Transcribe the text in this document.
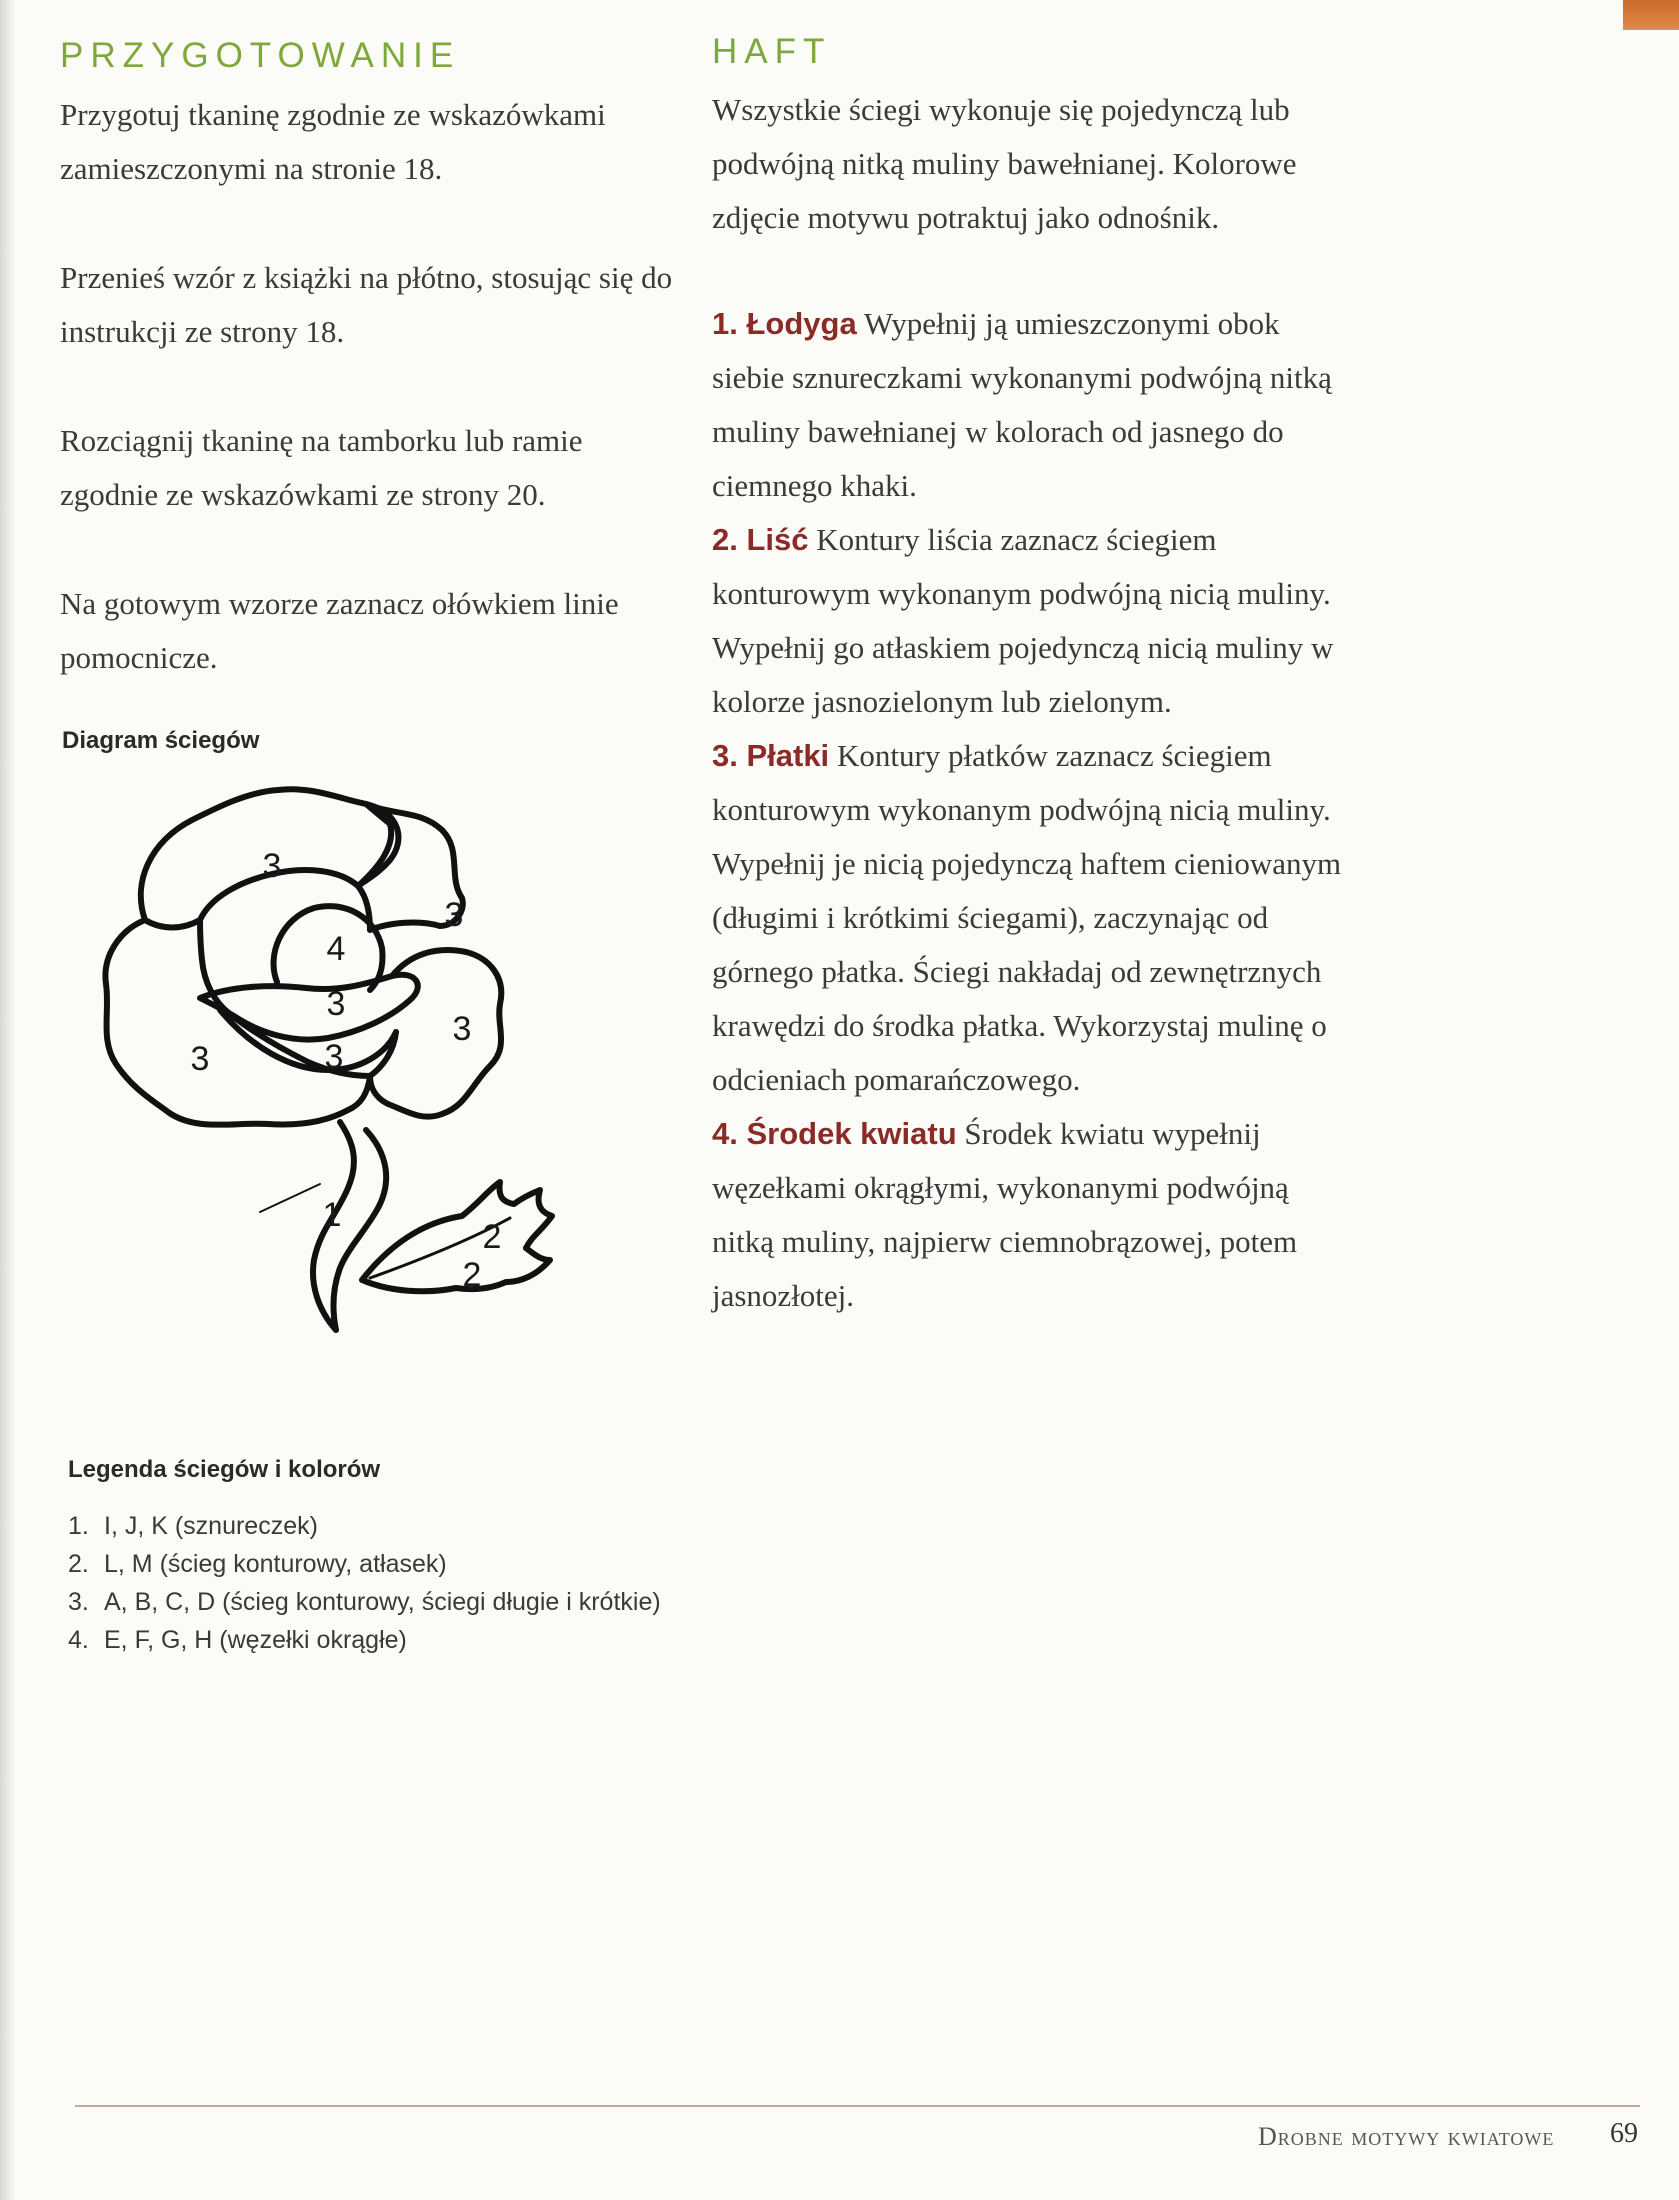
PRZYGOTOWANIE

Przygotuj tkaninę zgodnie ze wskazówkami zamieszczonymi na stronie 18.

Przenieś wzór z książki na płótno, stosując się do instrukcji ze strony 18.

Rozciągnij tkaninę na tamborku lub ramie zgodnie ze wskazówkami ze strony 20.

Na gotowym wzorze zaznacz ołówkiem linie pomocnicze.

Diagram ściegów
3
3
4
3
3
3	3
1
2
2
Legenda ściegów i kolorów
1. I, J, K (sznureczek)
2. L, M (ścieg konturowy, atłasek)
3. A, B, C, D (ścieg konturowy, ściegi długie i krótkie)
4. E, F, G, H (węzełki okrągłe)
HAFT

Wszystkie ściegi wykonuje się pojedynczą lub podwójną nitką muliny bawełnianej. Kolorowe zdjęcie motywu potraktuj jako odnośnik.

1. Łodyga Wypełnij ją umieszczonymi obok siebie sznureczkami wykonanymi podwójną nitką muliny bawełnianej w kolorach od jasnego do ciemnego khaki.

2. Liść Kontury liścia zaznacz ściegiem konturowym wykonanym podwójną nicią muliny. Wypełnij go atłaskiem pojedynczą nicią muliny w kolorze jasnozielonym lub zielonym.

3. Płatki Kontury płatków zaznacz ściegiem konturowym wykonanym podwójną nicią muliny. Wypełnij je nicią pojedynczą haftem cieniowanym (długimi i krótkimi ściegami), zaczynając od górnego płatka. Ściegi nakładaj od zewnętrznych krawędzi do środka płatka. Wykorzystaj mulinę o odcieniach pomarańczowego.

4. Środek kwiatu Środek kwiatu wypełnij węzełkami okrągłymi, wykonanymi podwójną nitką muliny, najpierw ciemnobrązowej, potem jasnozłotej.

Drobne motywy kwiatowe 69
